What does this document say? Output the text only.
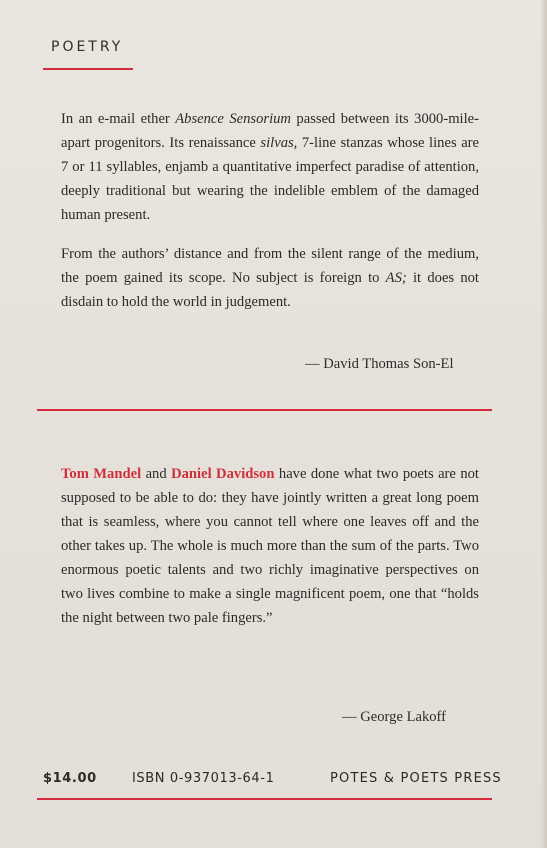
POETRY

In an e-mail ether Absence Sensorium passed between its 3000-mile-apart progenitors. Its renaissance silvas, 7-line stanzas whose lines are 7 or 11 syllables, enjamb a quantitative imperfect paradise of attention, deeply traditional but wearing the indelible emblem of the damaged human present.

From the authors’ distance and from the silent range of the medium, the poem gained its scope. No subject is foreign to AS; it does not disdain to hold the world in judgement.

— David Thomas Son-El

Tom Mandel and Daniel Davidson have done what two poets are not supposed to be able to do: they have jointly written a great long poem that is seamless, where you cannot tell where one leaves off and the other takes up. The whole is much more than the sum of the parts. Two enormous poetic talents and two richly imaginative perspectives on two lives combine to make a single magnificent poem, one that “holds the night between two pale fingers.”

— George Lakoff
$14.00	ISBN 0-937013-64-1	POTES & POETS PRESS
